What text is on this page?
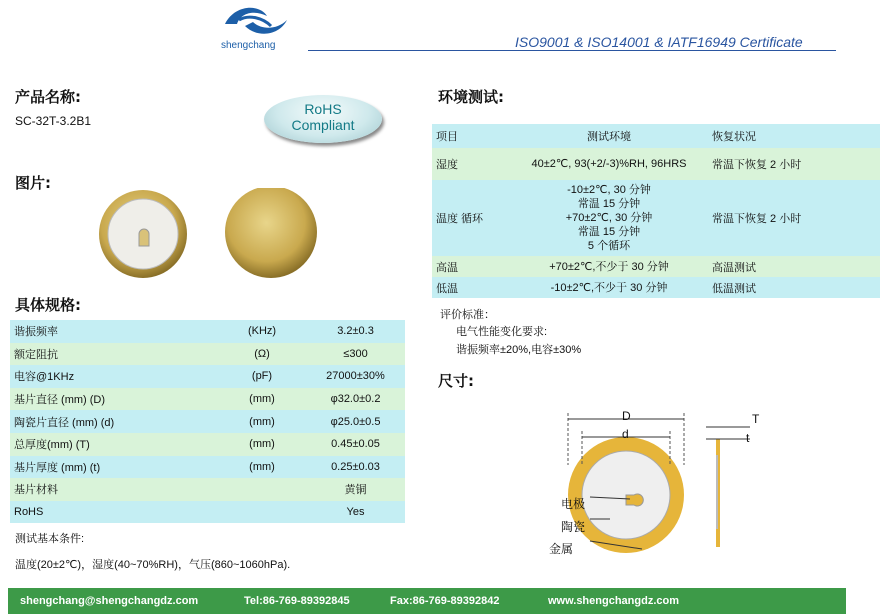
shengchang	ISO9001 & ISO14001 & IATF16949 Certificate
产品名称:
SC-32T-3.2B1
RoHS
Compliant
图片:
具体规格:
谐振频率	(KHz)	3.2±0.3
额定阻抗	(Ω)	≤300
电容@1KHz	(pF)	27000±30%
基片直径 (mm) (D)	(mm)	φ32.0±0.2
陶瓷片直径 (mm) (d)	(mm)	φ25.0±0.5
总厚度(mm) (T)	(mm)	0.45±0.05
基片厚度 (mm) (t)	(mm)	0.25±0.03
基片材料		黄铜
RoHS		Yes
测试基本条件:
温度(20±2℃)，湿度(40~70%RH)，气压(860~1060hPa).
环境测试:
项目	测试环境	恢复状况
湿度	40±2℃, 93(+2/-3)%RH, 96HRS	常温下恢复 2 小时
温度 循环	-10±2℃, 30 分钟
常温 15 分钟
+70±2℃, 30 分钟
常温 15 分钟
5 个循环	常温下恢复 2 小时
高温	+70±2℃,不少于 30 分钟	高温测试
低温	-10±2℃,不少于 30 分钟	低温测试
评价标准：
电气性能变化要求:
谐振频率±20%,电容±30%
尺寸:
D
d
T
t
电极
陶瓷
金属
shengchang@shengchangdz.com	Tel:86-769-89392845	Fax:86-769-89392842	www.shengchangdz.com
